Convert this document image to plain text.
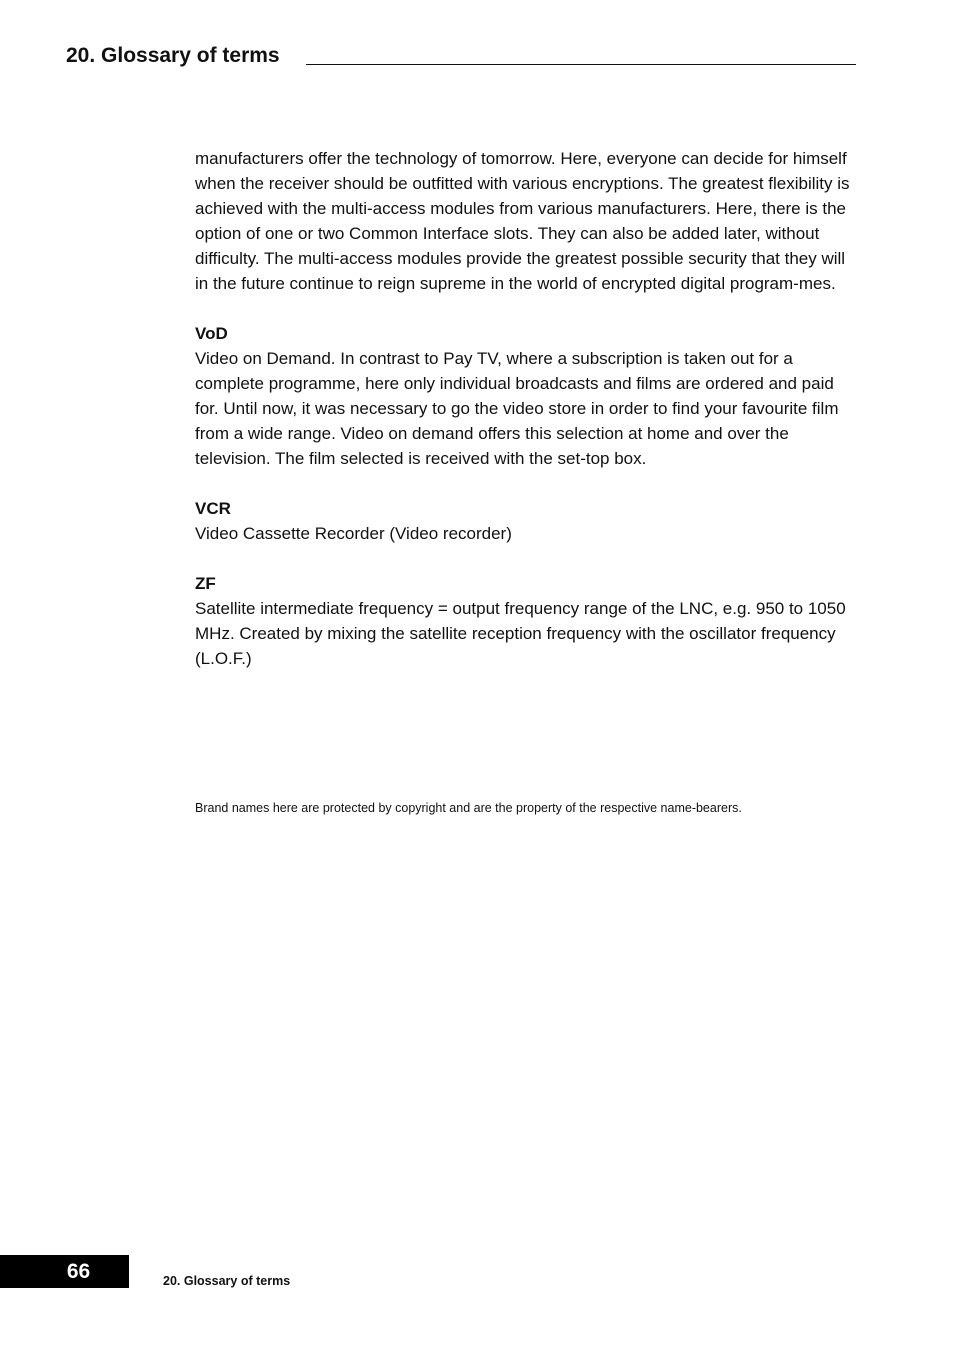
20. Glossary of terms

manufacturers offer the technology of tomorrow. Here, everyone can decide for himself when the receiver should be outfitted with various encryptions. The greatest flexibility is achieved with the multi-access modules from various manufacturers. Here, there is the option of one or two Common Interface slots. They can also be added later, without difficulty. The multi-access modules provide the greatest possible security that they will in the future continue to reign supreme in the world of encrypted digital program-mes.

VoD

Video on Demand. In contrast to Pay TV, where a subscription is taken out for a complete programme, here only individual broadcasts and films are ordered and paid for. Until now, it was necessary to go the video store in order to find your favourite film from a wide range. Video on demand offers this selection at home and over the television. The film selected is received with the set-top box.

VCR

Video Cassette Recorder (Video recorder)

ZF

Satellite intermediate frequency = output frequency range of the LNC, e.g. 950 to 1050 MHz. Created by mixing the satellite reception frequency with the oscillator frequency (L.O.F.)

Brand names here are protected by copyright and are the property of the respective name-bearers.
66	20. Glossary of terms
